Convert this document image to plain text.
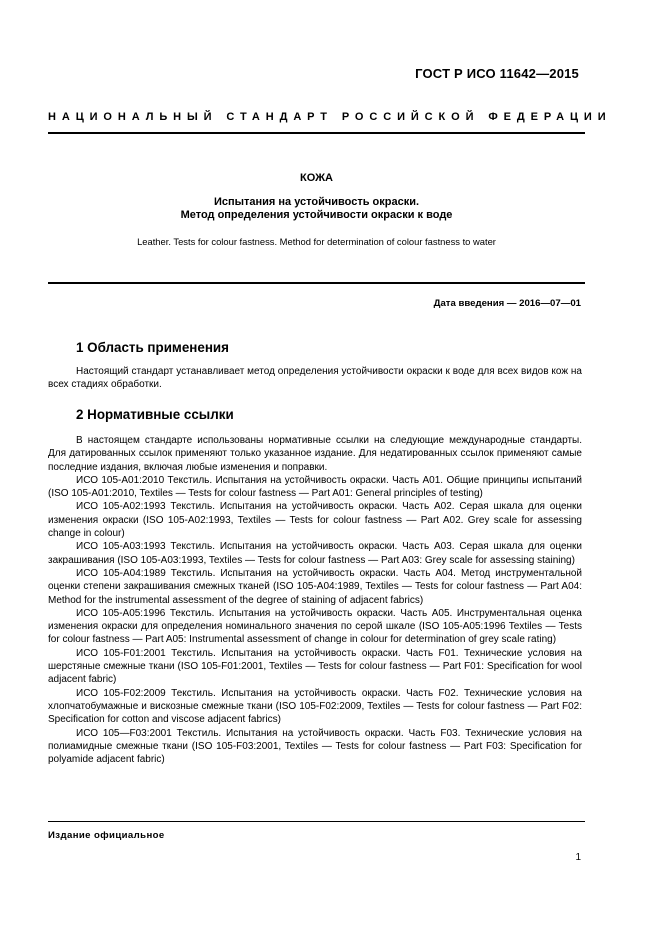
ГОСТ Р ИСО 11642—2015
НАЦИОНАЛЬНЫЙ СТАНДАРТ РОССИЙСКОЙ ФЕДЕРАЦИИ
КОЖА
Испытания на устойчивость окраски.
Метод определения устойчивости окраски к воде
Leather. Tests for colour fastness. Method for determination of colour fastness to water
Дата введения — 2016—07—01
1 Область применения

Настоящий стандарт устанавливает метод определения устойчивости окраски к воде для всех видов кож на всех стадиях обработки.

2 Нормативные ссылки

В настоящем стандарте использованы нормативные ссылки на следующие международные стандарты. Для датированных ссылок применяют только указанное издание. Для недатированных ссылок применяют самые последние издания, включая любые изменения и поправки.

ИСО 105-А01:2010 Текстиль. Испытания на устойчивость окраски. Часть А01. Общие принципы испытаний (ISO 105-A01:2010, Textiles — Tests for colour fastness — Part A01: General principles of testing)

ИСО 105-А02:1993 Текстиль. Испытания на устойчивость окраски. Часть А02. Серая шкала для оценки изменения окраски (ISO 105-A02:1993, Textiles — Tests for colour fastness — Part A02. Grey scale for assessing change in colour)

ИСО 105-А03:1993 Текстиль. Испытания на устойчивость окраски. Часть А03. Серая шкала для оценки закрашивания (ISO 105-A03:1993, Textiles — Tests for colour fastness — Part A03: Grey scale for assessing staining)

ИСО 105-А04:1989 Текстиль. Испытания на устойчивость окраски. Часть А04. Метод инструментальной оценки степени закрашивания смежных тканей (ISO 105-A04:1989, Textiles — Tests for colour fastness — Part A04: Method for the instrumental assessment of the degree of staining of adjacent fabrics)

ИСО 105-А05:1996 Текстиль. Испытания на устойчивость окраски. Часть А05. Инструментальная оценка изменения окраски для определения номинального значения по серой шкале (ISO 105-A05:1996 Textiles — Tests for colour fastness — Part A05: Instrumental assessment of change in colour for determination of grey scale rating)

ИСО 105-F01:2001 Текстиль. Испытания на устойчивость окраски. Часть F01. Технические условия на шерстяные смежные ткани (ISO 105-F01:2001, Textiles — Tests for colour fastness — Part F01: Specification for wool adjacent fabric)

ИСО 105-F02:2009 Текстиль. Испытания на устойчивость окраски. Часть F02. Технические условия на хлопчатобумажные и вискозные смежные ткани (ISO 105-F02:2009, Textiles — Tests for colour fastness — Part F02: Specification for cotton and viscose adjacent fabrics)

ИСО 105—F03:2001 Текстиль. Испытания на устойчивость окраски. Часть F03. Технические условия на полиамидные смежные ткани (ISO 105-F03:2001, Textiles — Tests for colour fastness — Part F03: Specification for polyamide adjacent fabric)

Издание официальное
1
